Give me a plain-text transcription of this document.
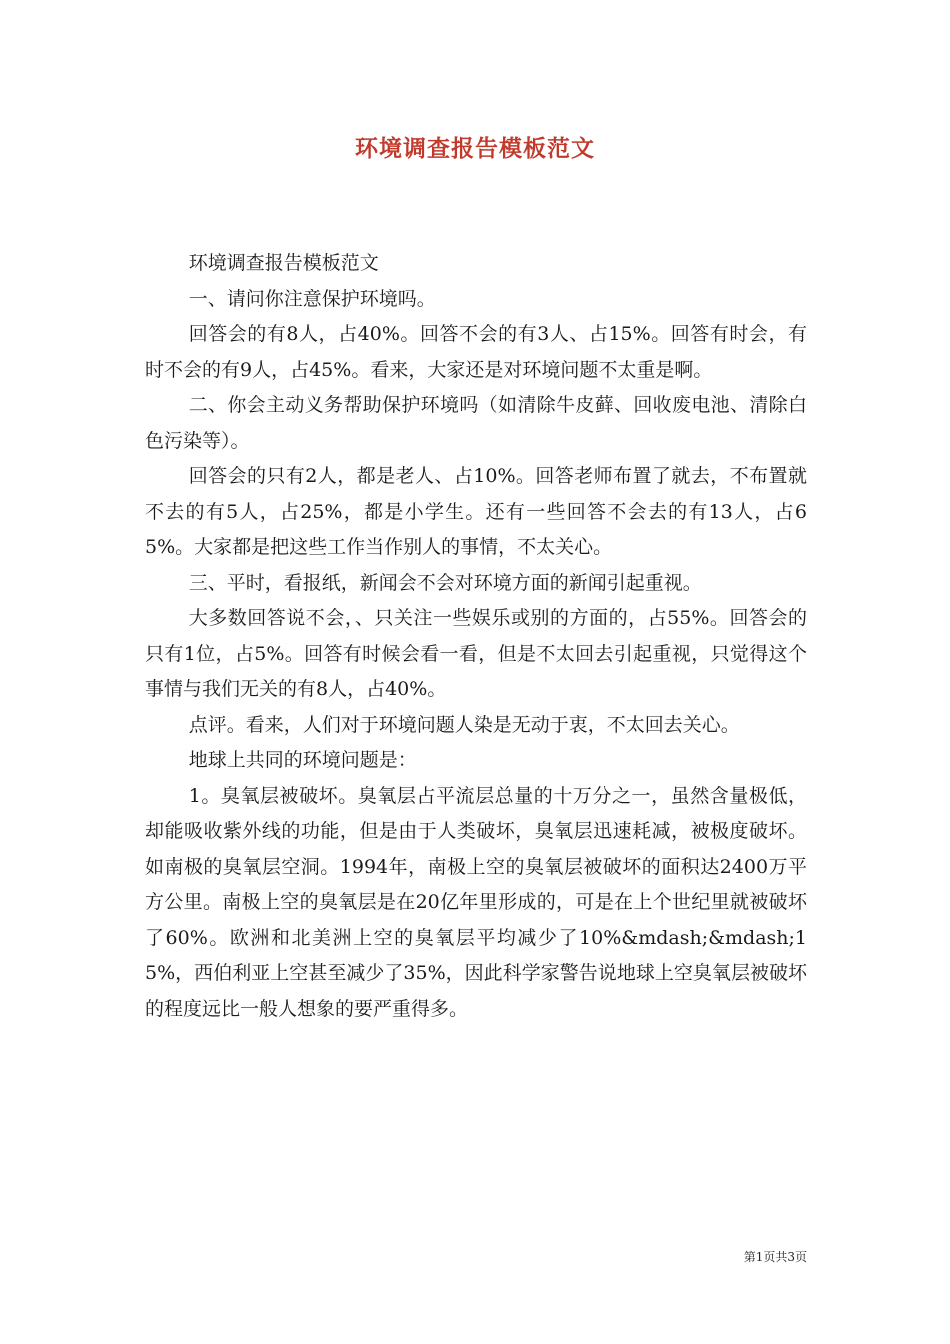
环境调查报告模板范文

环境调查报告模板范文

一、请问你注意保护环境吗。

回答会的有8人，占40%。回答不会的有3人、占15%。回答有时会，有时不会的有9人，占45%。看来，大家还是对环境问题不太重是啊。

二、你会主动义务帮助保护环境吗（如清除牛皮藓、回收废电池、清除白色污染等）。

回答会的只有2人，都是老人、占10%。回答老师布置了就去，不布置就不去的有5人，占25%，都是小学生。还有一些回答不会去的有13人，占65%。大家都是把这些工作当作别人的事情，不太关心。

三、平时，看报纸，新闻会不会对环境方面的新闻引起重视。

大多数回答说不会，、只关注一些娱乐或别的方面的，占55%。回答会的只有1位，占5%。回答有时候会看一看，但是不太回去引起重视，只觉得这个事情与我们无关的有8人，占40%。

点评。看来，人们对于环境问题人染是无动于衷，不太回去关心。

地球上共同的环境问题是：

1。臭氧层被破坏。臭氧层占平流层总量的十万分之一，虽然含量极低，却能吸收紫外线的功能，但是由于人类破坏，臭氧层迅速耗减，被极度破坏。如南极的臭氧层空洞。1994年，南极上空的臭氧层被破坏的面积达2400万平方公里。南极上空的臭氧层是在20亿年里形成的，可是在上个世纪里就被破坏了60%。欧洲和北美洲上空的臭氧层平均减少了10%&mdash;&mdash;15%，西伯利亚上空甚至减少了35%，因此科学家警告说地球上空臭氧层被破坏的程度远比一般人想象的要严重得多。

第1页共3页
